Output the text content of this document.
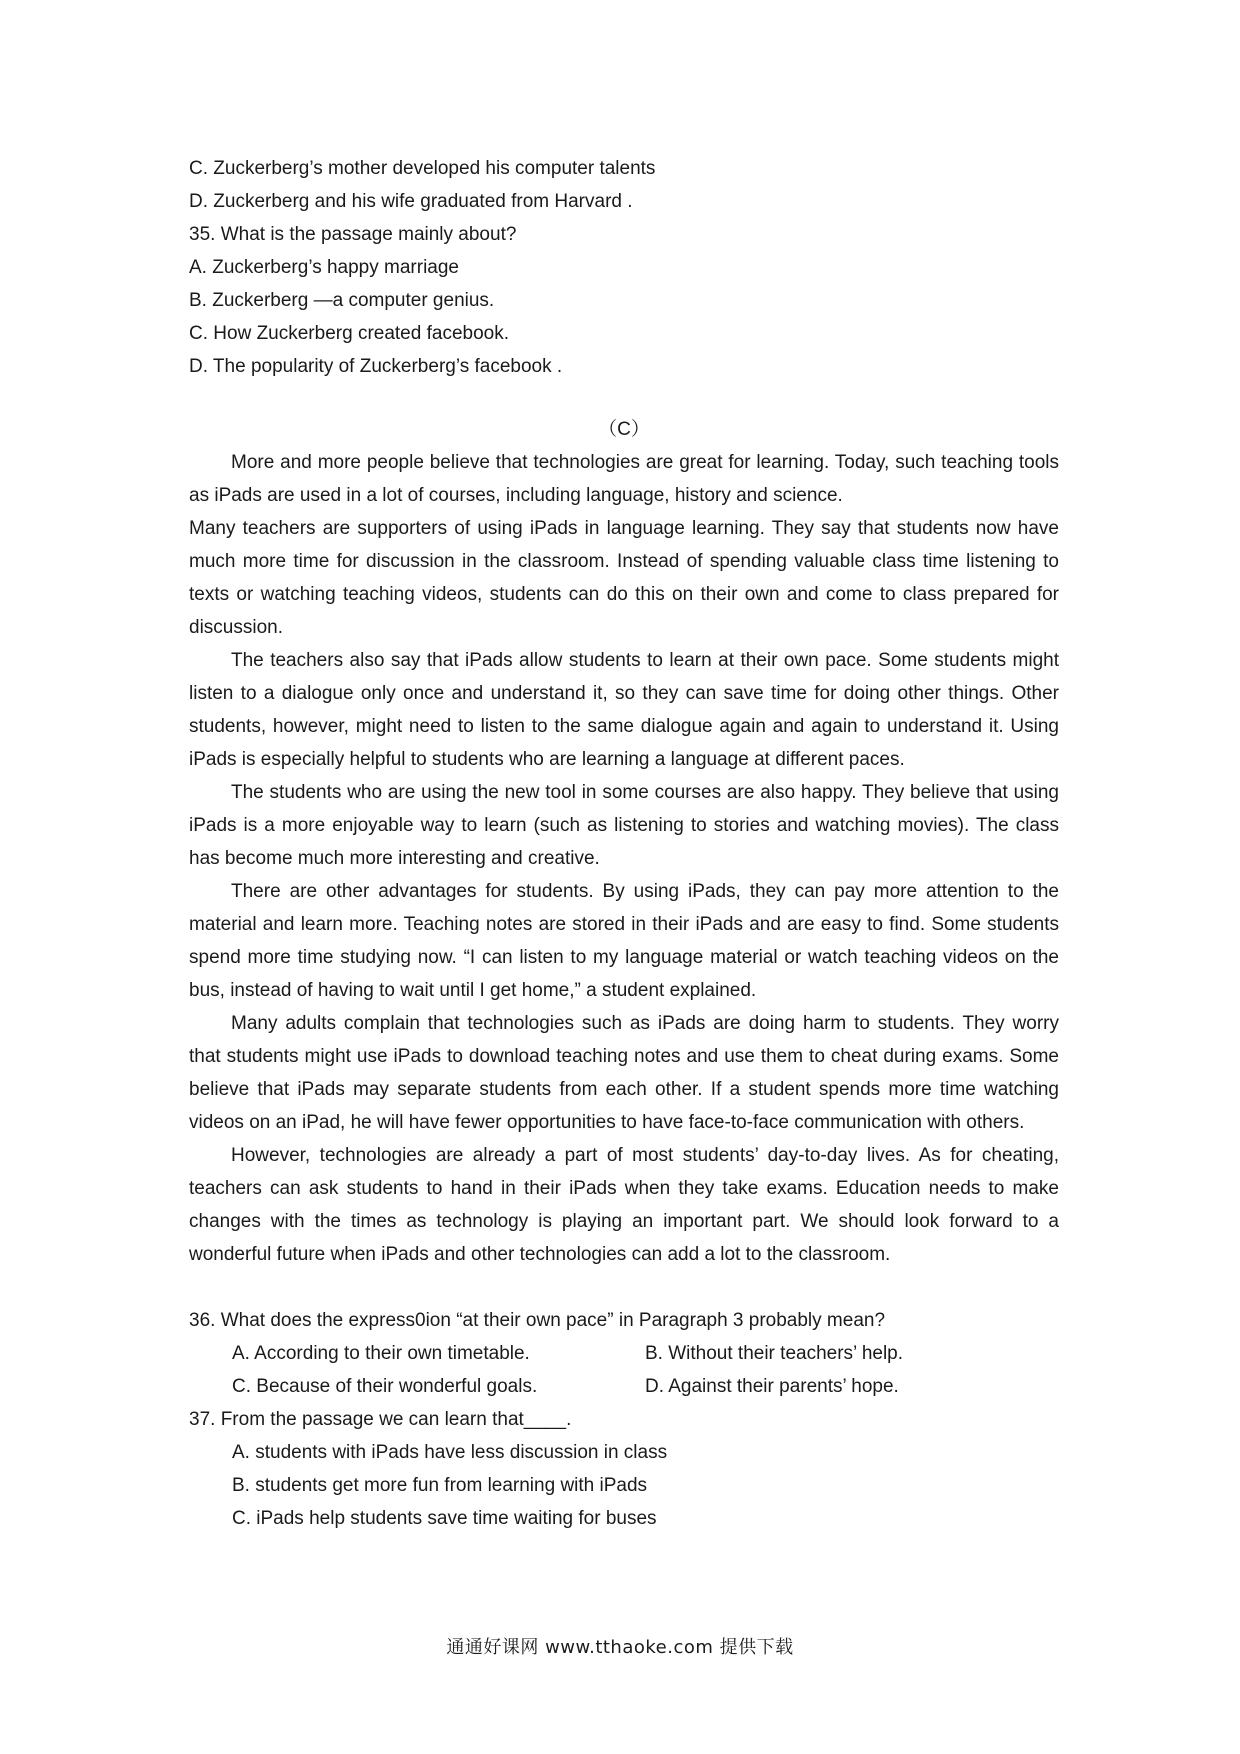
C. Zuckerberg’s mother developed his computer talents

D. Zuckerberg and his wife graduated from Harvard .

35. What is the passage mainly about?

A. Zuckerberg’s happy marriage

B. Zuckerberg —a computer genius.

C. How Zuckerberg created facebook.

D. The popularity of Zuckerberg’s facebook .

（C）

More and more people believe that technologies are great for learning. Today, such teaching tools as iPads are used in a lot of courses, including language, history and science.

Many teachers are supporters of using iPads in language learning. They say that students now have much more time for discussion in the classroom. Instead of spending valuable class time listening to texts or watching teaching videos, students can do this on their own and come to class prepared for discussion.

The teachers also say that iPads allow students to learn at their own pace. Some students might listen to a dialogue only once and understand it, so they can save time for doing other things. Other students, however, might need to listen to the same dialogue again and again to understand it. Using iPads is especially helpful to students who are learning a language at different paces.

The students who are using the new tool in some courses are also happy. They believe that using iPads is a more enjoyable way to learn (such as listening to stories and watching movies). The class has become much more interesting and creative.

There are other advantages for students. By using iPads, they can pay more attention to the material and learn more. Teaching notes are stored in their iPads and are easy to find. Some students spend more time studying now. “I can listen to my language material or watch teaching videos on the bus, instead of having to wait until I get home,” a student explained.

Many adults complain that technologies such as iPads are doing harm to students. They worry that students might use iPads to download teaching notes and use them to cheat during exams. Some believe that iPads may separate students from each other. If a student spends more time watching videos on an iPad, he will have fewer opportunities to have face-to-face communication with others.

However, technologies are already a part of most students’ day-to-day lives. As for cheating, teachers can ask students to hand in their iPads when they take exams. Education needs to make changes with the times as technology is playing an important part. We should look forward to a wonderful future when iPads and other technologies can add a lot to the classroom.

36. What does the express0ion “at their own pace” in Paragraph 3 probably mean?

A. According to their own timetable.	B. Without their teachers’ help.
C. Because of their wonderful goals.	D. Against their parents’ hope.

37. From the passage we can learn that____.

A. students with iPads have less discussion in class

B. students get more fun from learning with iPads

C. iPads help students save time waiting for buses

通通好课网 www.tthaoke.com 提供下载
